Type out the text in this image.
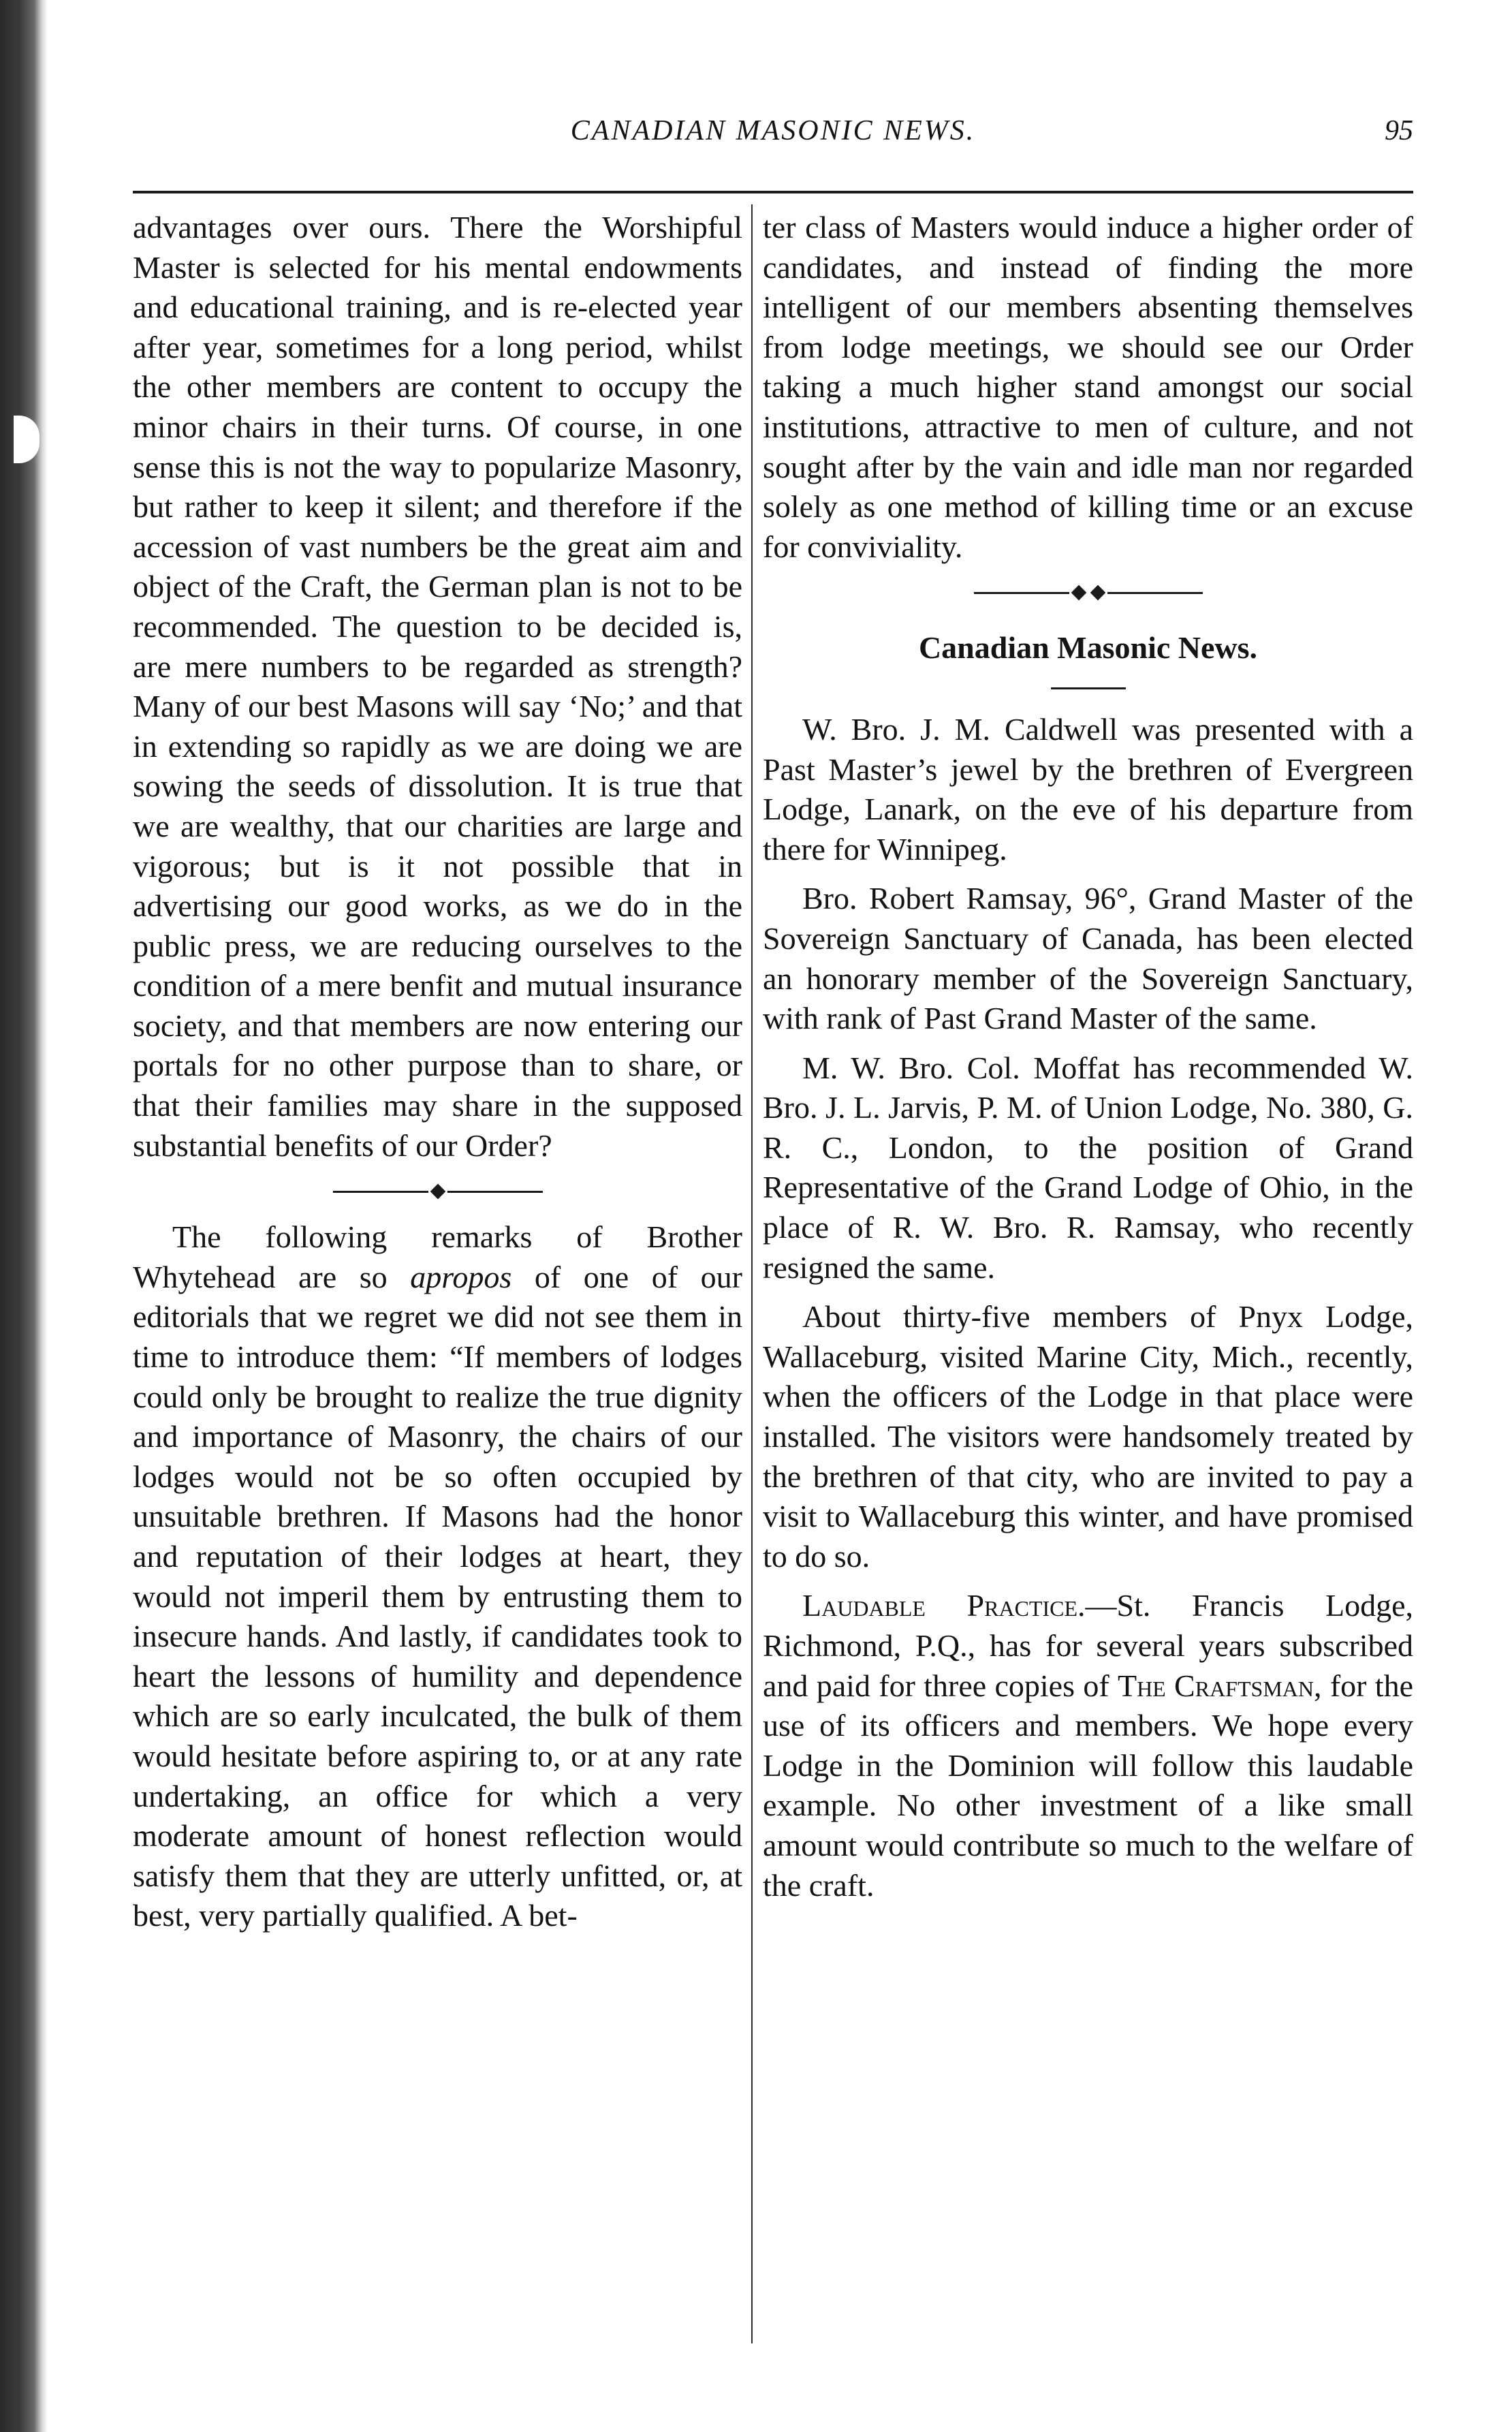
CANADIAN MASONIC NEWS.	95

advantages over ours. There the Worshipful Master is selected for his mental endowments and educational training, and is re-elected year after year, sometimes for a long period, whilst the other members are content to occupy the minor chairs in their turns. Of course, in one sense this is not the way to popularize Masonry, but rather to keep it silent; and therefore if the accession of vast numbers be the great aim and object of the Craft, the German plan is not to be recommended. The question to be decided is, are mere numbers to be regarded as strength? Many of our best Masons will say ‘No;’ and that in extending so rapidly as we are doing we are sowing the seeds of dissolution. It is true that we are wealthy, that our charities are large and vigorous; but is it not possible that in advertising our good works, as we do in the public press, we are reducing ourselves to the condition of a mere benfit and mutual insurance society, and that members are now entering our portals for no other purpose than to share, or that their families may share in the supposed substantial benefits of our Order?

The following remarks of Brother Whytehead are so apropos of one of our editorials that we regret we did not see them in time to introduce them: “If members of lodges could only be brought to realize the true dignity and importance of Masonry, the chairs of our lodges would not be so often occupied by unsuitable brethren. If Masons had the honor and reputation of their lodges at heart, they would not imperil them by entrusting them to insecure hands. And lastly, if candidates took to heart the lessons of humility and dependence which are so early inculcated, the bulk of them would hesitate before aspiring to, or at any rate undertaking, an office for which a very moderate amount of honest reflection would satisfy them that they are utterly unfitted, or, at best, very partially qualified. A bet-

ter class of Masters would induce a higher order of candidates, and instead of finding the more intelligent of our members absenting themselves from lodge meetings, we should see our Order taking a much higher stand amongst our social institutions, attractive to men of culture, and not sought after by the vain and idle man nor regarded solely as one method of killing time or an excuse for conviviality.

Canadian Masonic News.

W. Bro. J. M. Caldwell was presented with a Past Master’s jewel by the brethren of Evergreen Lodge, Lanark, on the eve of his departure from there for Winnipeg.

Bro. Robert Ramsay, 96°, Grand Master of the Sovereign Sanctuary of Canada, has been elected an honorary member of the Sovereign Sanctuary, with rank of Past Grand Master of the same.

M. W. Bro. Col. Moffat has recommended W. Bro. J. L. Jarvis, P. M. of Union Lodge, No. 380, G. R. C., London, to the position of Grand Representative of the Grand Lodge of Ohio, in the place of R. W. Bro. R. Ramsay, who recently resigned the same.

About thirty-five members of Pnyx Lodge, Wallaceburg, visited Marine City, Mich., recently, when the officers of the Lodge in that place were installed. The visitors were handsomely treated by the brethren of that city, who are invited to pay a visit to Wallaceburg this winter, and have promised to do so.

Laudable Practice.—St. Francis Lodge, Richmond, P.Q., has for several years subscribed and paid for three copies of The Craftsman, for the use of its officers and members. We hope every Lodge in the Dominion will follow this laudable example. No other investment of a like small amount would contribute so much to the welfare of the craft.
